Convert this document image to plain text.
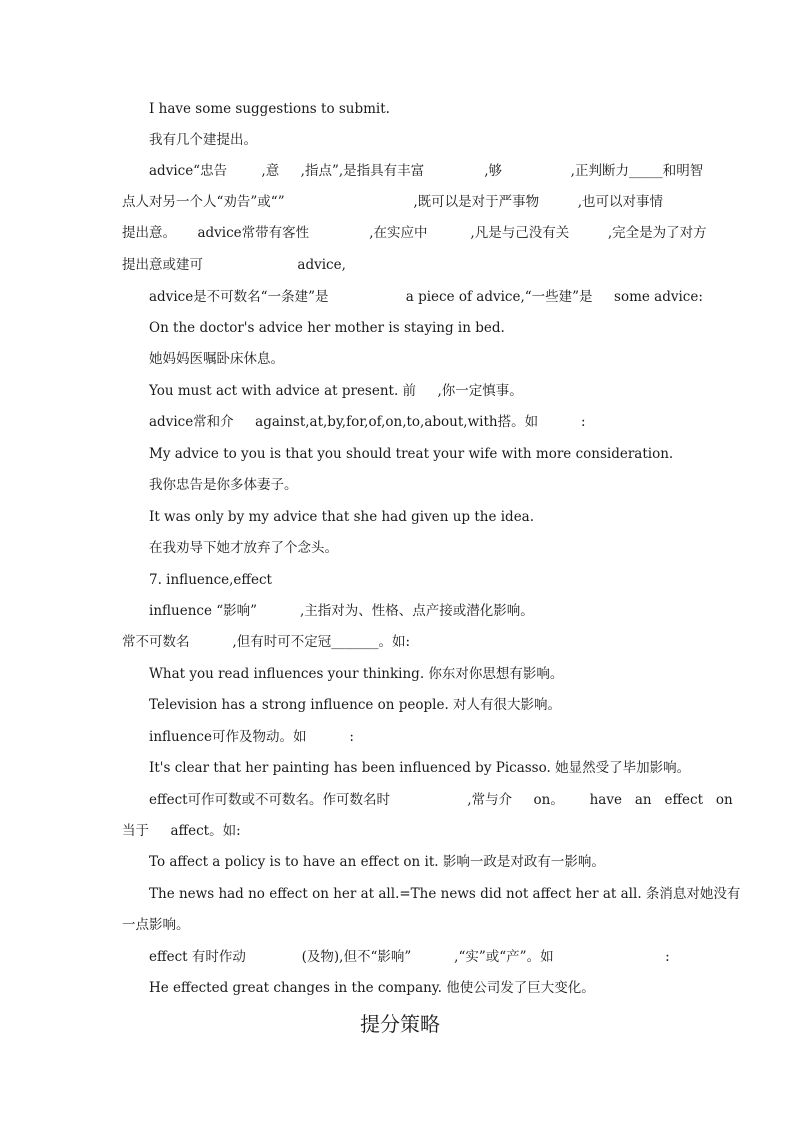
I have some suggestions to submit.
我有几个建提出。
advice“忠告        ,意     ,指点”,是指具有丰富              ,够                ,正判断力_____和明智
点人对另一个人“劝告”或“”                              ,既可以是对于严事物         ,也可以对事情
提出意。     advice常带有客性              ,在实应中          ,凡是与己没有关         ,完全是为了对方
提出意或建可                      advice,
advice是不可数名“一条建”是                  a piece of advice,“一些建”是     some advice:
On the doctor's advice her mother is staying in bed.
她妈妈医嘱卧床休息。
You must act with advice at present. 前     ,你一定慎事。
advice常和介     against,at,by,for,of,on,to,about,with搭。如          :
My advice to you is that you should treat your wife with more consideration.
我你忠告是你多体妻子。
It was only by my advice that she had given up the idea.
在我劝导下她才放弃了个念头。
7. influence,effect
influence “影响”          ,主指对为、性格、点产接或潜化影响。
常不可数名          ,但有时可不定冠_______。如:
What you read influences your thinking. 你东对你思想有影响。
Television has a strong influence on people. 对人有很大影响。
influence可作及物动。如          :
It's clear that her painting has been influenced by Picasso. 她显然受了毕加影响。
effect可作可数或不可数名。作可数名时                  ,常与介     on。      have   an   effect   on
当于     affect。如:
To affect a policy is to have an effect on it. 影响一政是对政有一影响。
The news had no effect on her at all.=The news did not affect her at all. 条消息对她没有
一点影响。
effect 有时作动             (及物),但不“影响”          ,“实”或“产”。如                          :
He effected great changes in the company. 他使公司发了巨大变化。
提分策略
